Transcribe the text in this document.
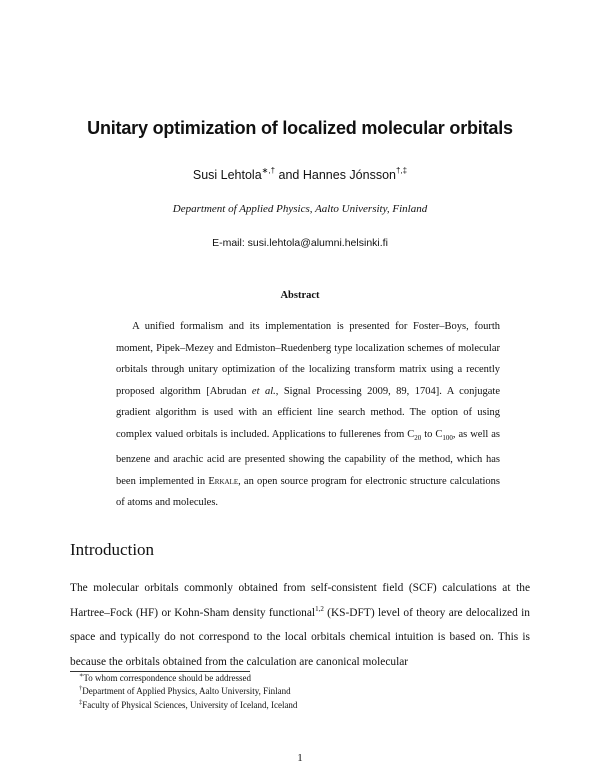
Unitary optimization of localized molecular orbitals
Susi Lehtola∗,† and Hannes Jónsson†,‡
Department of Applied Physics, Aalto University, Finland
E-mail: susi.lehtola@alumni.helsinki.fi
Abstract
  A unified formalism and its implementation is presented for Foster–Boys, fourth moment, Pipek–Mezey and Edmiston–Ruedenberg type localization schemes of molecular orbitals through unitary optimization of the localizing transform matrix using a recently proposed algorithm [Abrudan et al., Signal Processing 2009, 89, 1704]. A conjugate gradient algorithm is used with an efficient line search method. The option of using complex valued orbitals is included. Applications to fullerenes from $C_{20}$ to $C_{100}$, as well as benzene and arachic acid are presented showing the capability of the method, which has been implemented in Erkale, an open source program for electronic structure calculations of atoms and molecules.
Introduction
The molecular orbitals commonly obtained from self-consistent field (SCF) calculations at the Hartree–Fock (HF) or Kohn-Sham density functional$^{1,2}$ (KS-DFT) level of theory are delocalized in space and typically do not correspond to the local orbitals chemical intuition is based on. This is because the orbitals obtained from the calculation are canonical molecular
∗To whom correspondence should be addressed
†Department of Applied Physics, Aalto University, Finland
‡Faculty of Physical Sciences, University of Iceland, Iceland
1
